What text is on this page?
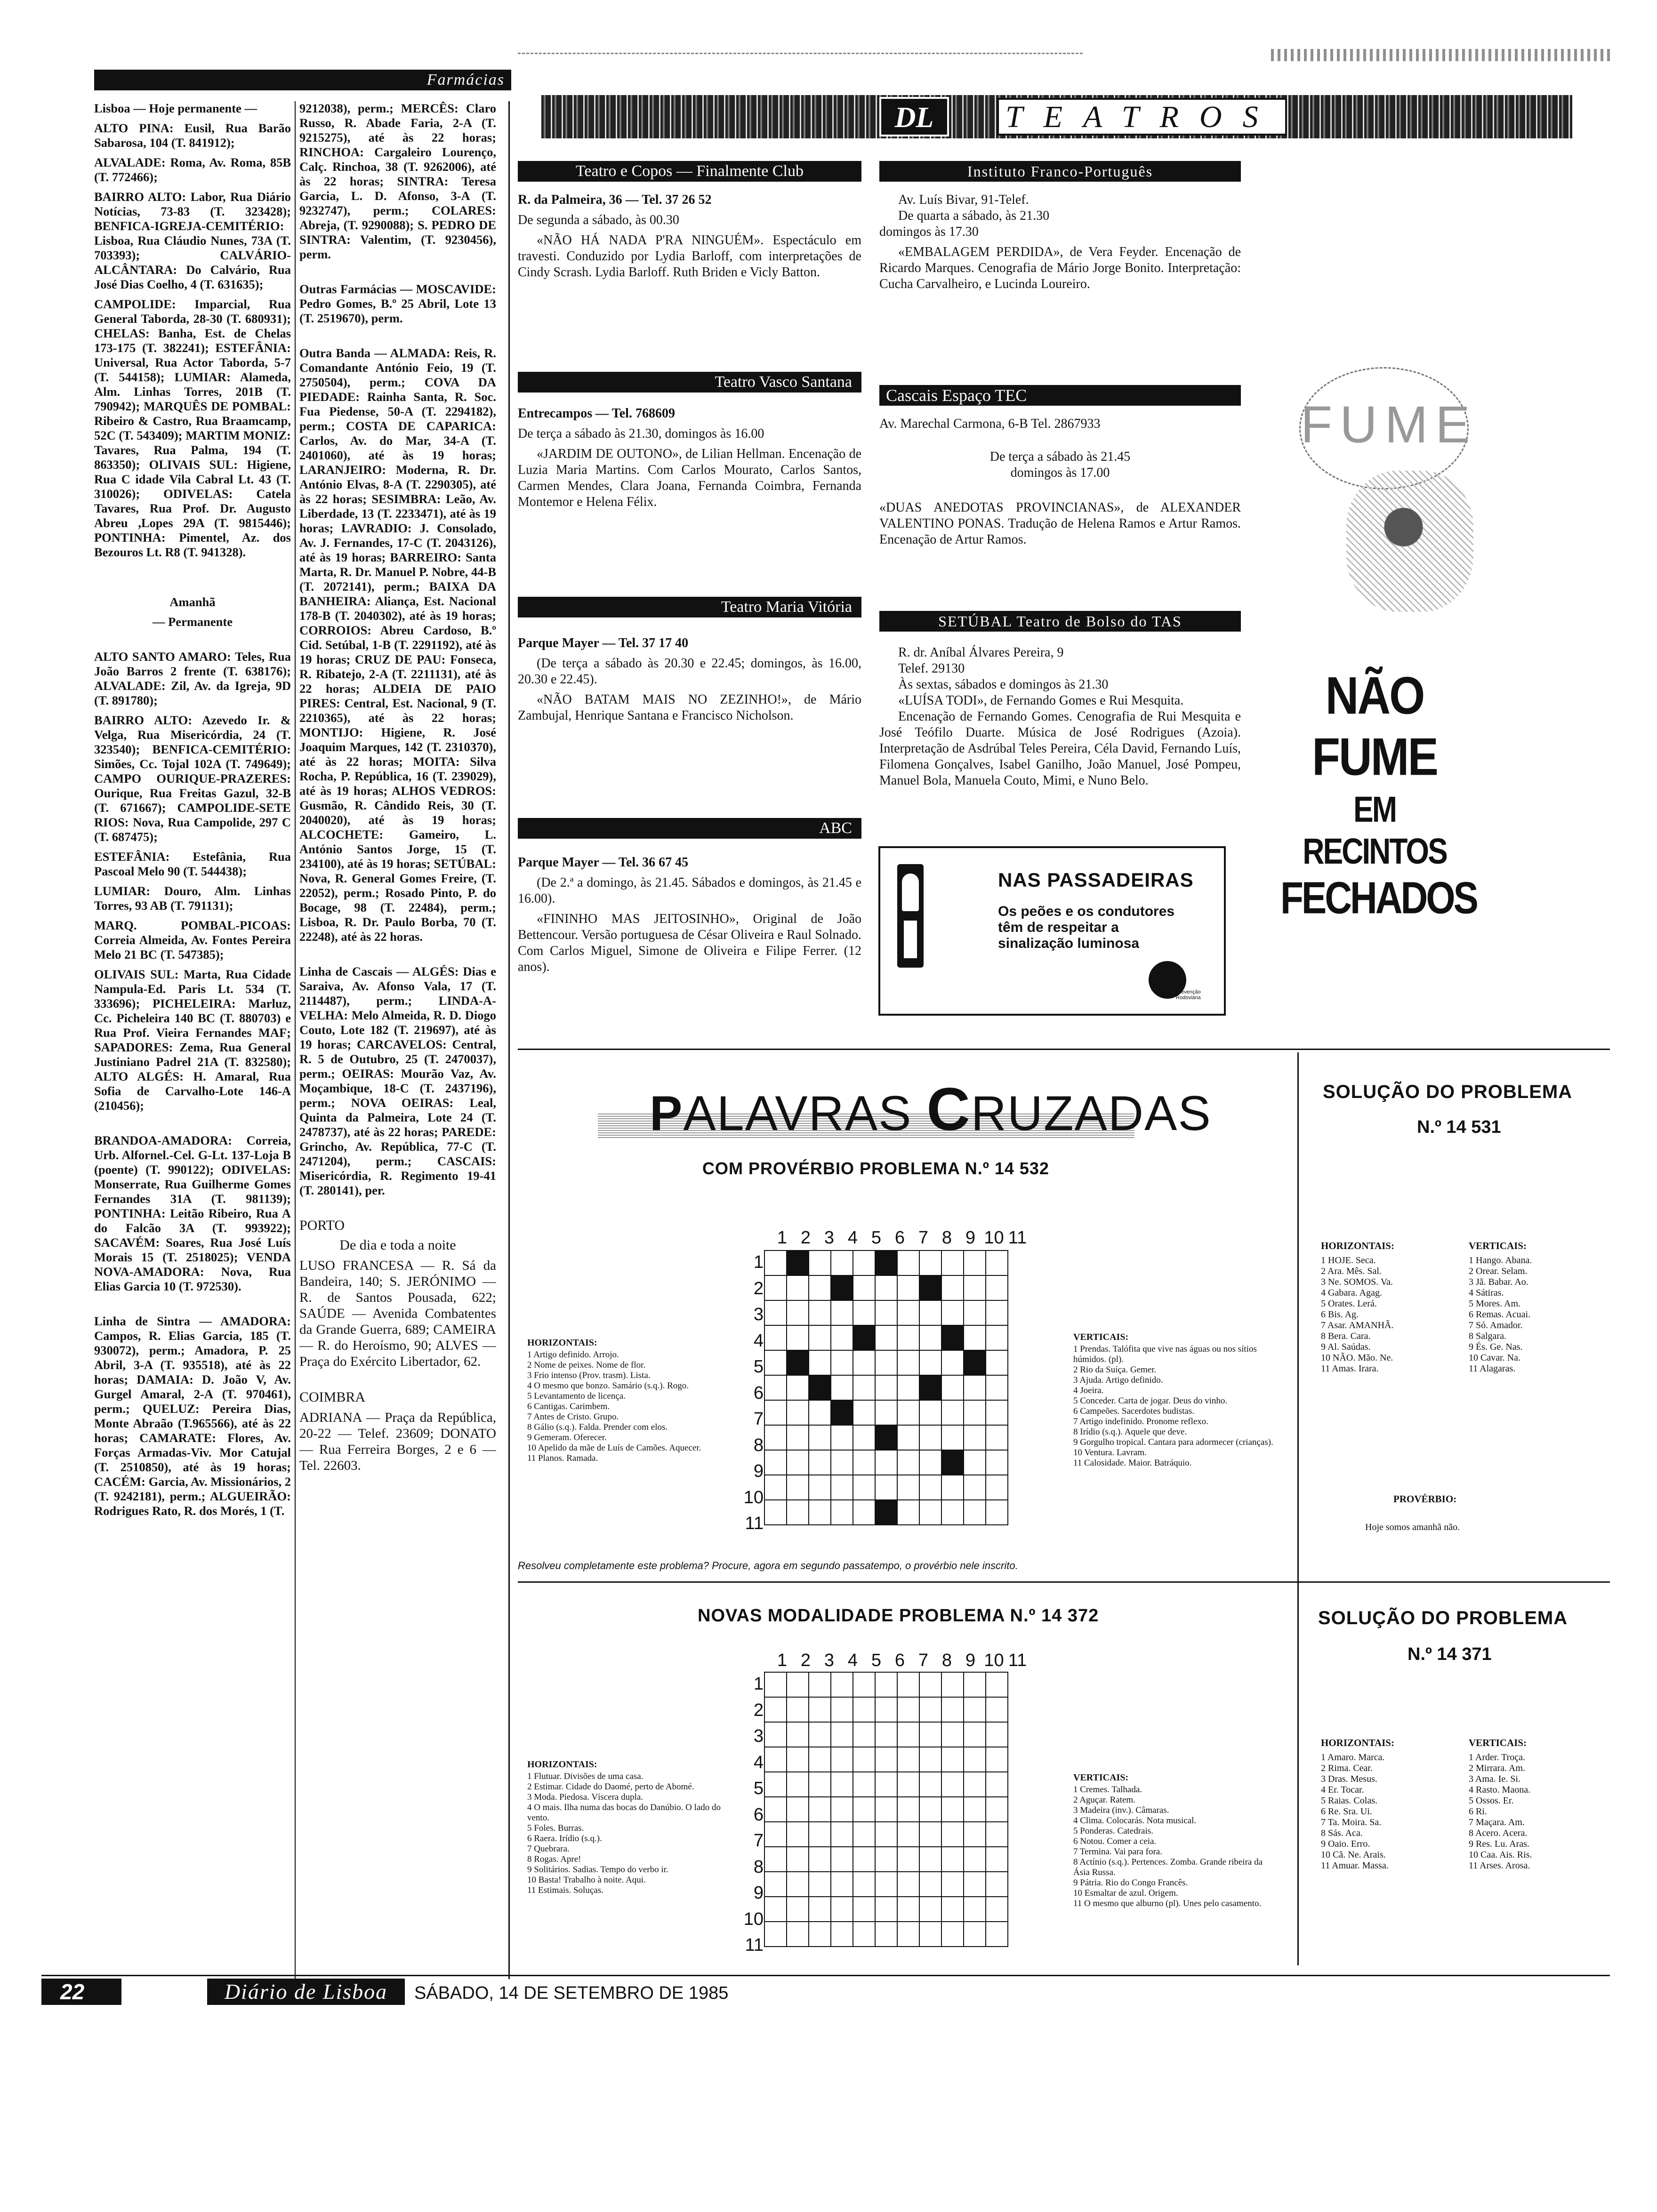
Farmácias
DL	TEATROS

Lisboa — Hoje permanente —

ALTO PINA: Eusil, Rua Barão Sabarosa, 104 (T. 841912);

ALVALADE: Roma, Av. Roma, 85B (T. 772466);

BAIRRO ALTO: Labor, Rua Diário Notícias, 73-83 (T. 323428); BENFICA-IGREJA-CEMITÉRIO: Lisboa, Rua Cláudio Nunes, 73A (T. 703393); CALVÁRIO-ALCÂNTARA: Do Calvário, Rua José Dias Coelho, 4 (T. 631635);

CAMPOLIDE: Imparcial, Rua General Taborda, 28-30 (T. 680931); CHELAS: Banha, Est. de Chelas 173-175 (T. 382241); ESTEFÂNIA: Universal, Rua Actor Taborda, 5-7 (T. 544158); LUMIAR: Alameda, Alm. Linhas Torres, 201B (T. 790942); MARQUÊS DE POMBAL: Ribeiro & Castro, Rua Braamcamp, 52C (T. 543409); MARTIM MONIZ: Tavares, Rua Palma, 194 (T. 863350); OLIVAIS SUL: Higiene, Rua C idade Vila Cabral Lt. 43 (T. 310026); ODIVELAS: Catela Tavares, Rua Prof. Dr. Augusto Abreu ,Lopes 29A (T. 9815446); PONTINHA: Pimentel, Az. dos Bezouros Lt. R8 (T. 941328).

Amanhã

— Permanente

ALTO SANTO AMARO: Teles, Rua João Barros 2 frente (T. 638176); ALVALADE: Zil, Av. da Igreja, 9D (T. 891780);

BAIRRO ALTO: Azevedo Ir. & Velga, Rua Misericórdia, 24 (T. 323540); BENFICA-CEMITÉRIO: Simões, Cc. Tojal 102A (T. 749649); CAMPO OURIQUE-PRAZERES: Ourique, Rua Freitas Gazul, 32-B (T. 671667); CAMPOLIDE-SETE RIOS: Nova, Rua Campolide, 297 C (T. 687475);

ESTEFÂNIA: Estefânia, Rua Pascoal Melo 90 (T. 544438);

LUMIAR: Douro, Alm. Linhas Torres, 93 AB (T. 791131);

MARQ. POMBAL-PICOAS: Correia Almeida, Av. Fontes Pereira Melo 21 BC (T. 547385);

OLIVAIS SUL: Marta, Rua Cidade Nampula-Ed. Paris Lt. 534 (T. 333696); PICHELEIRA: Marluz, Cc. Picheleira 140 BC (T. 880703) e Rua Prof. Vieira Fernandes MAF; SAPADORES: Zema, Rua General Justiniano Padrel 21A (T. 832580); ALTO ALGÉS: H. Amaral, Rua Sofia de Carvalho-Lote 146-A (210456);

BRANDOA-AMADORA: Correia, Urb. Alfornel.-Cel. G-Lt. 137-Loja B (poente) (T. 990122); ODIVELAS: Monserrate, Rua Guilherme Gomes Fernandes 31A (T. 981139); PONTINHA: Leitão Ribeiro, Rua A do Falcão 3A (T. 993922); SACAVÉM: Soares, Rua José Luís Morais 15 (T. 2518025); VENDA NOVA-AMADORA: Nova, Rua Elias Garcia 10 (T. 972530).

Linha de Sintra — AMADORA: Campos, R. Elias Garcia, 185 (T. 930072), perm.; Amadora, P. 25 Abril, 3-A (T. 935518), até às 22 horas; DAMAIA: D. João V, Av. Gurgel Amaral, 2-A (T. 970461), perm.; QUELUZ: Pereira Dias, Monte Abraão (T.965566), até às 22 horas; CAMARATE: Flores, Av. Forças Armadas-Viv. Mor Catujal (T. 2510850), até às 19 horas; CACÉM: Garcia, Av. Missionários, 2 (T. 9242181), perm.; ALGUEIRÃO: Rodrigues Rato, R. dos Morés, 1 (T.

9212038), perm.; MERCÊS: Claro Russo, R. Abade Faria, 2-A (T. 9215275), até às 22 horas; RINCHOA: Cargaleiro Lourenço, Calç. Rinchoa, 38 (T. 9262006), até às 22 horas; SINTRA: Teresa Garcia, L. D. Afonso, 3-A (T. 9232747), perm.; COLARES: Abreja, (T. 9290088); S. PEDRO DE SINTRA: Valentim, (T. 9230456), perm.

Outras Farmácias — MOSCAVIDE: Pedro Gomes, B.º 25 Abril, Lote 13 (T. 2519670), perm.

Outra Banda — ALMADA: Reis, R. Comandante António Feio, 19 (T. 2750504), perm.; COVA DA PIEDADE: Rainha Santa, R. Soc. Fua Piedense, 50-A (T. 2294182), perm.; COSTA DE CAPARICA: Carlos, Av. do Mar, 34-A (T. 2401060), até às 19 horas; LARANJEIRO: Moderna, R. Dr. António Elvas, 8-A (T. 2290305), até às 22 horas; SESIMBRA: Leão, Av. Liberdade, 13 (T. 2233471), até às 19 horas; LAVRADIO: J. Consolado, Av. J. Fernandes, 17-C (T. 2043126), até às 19 horas; BARREIRO: Santa Marta, R. Dr. Manuel P. Nobre, 44-B (T. 2072141), perm.; BAIXA DA BANHEIRA: Aliança, Est. Nacional 178-B (T. 2040302), até às 19 horas; CORROIOS: Abreu Cardoso, B.º Cid. Setúbal, 1-B (T. 2291192), até às 19 horas; CRUZ DE PAU: Fonseca, R. Ribatejo, 2-A (T. 2211131), até às 22 horas; ALDEIA DE PAIO PIRES: Central, Est. Nacional, 9 (T. 2210365), até às 22 horas; MONTIJO: Higiene, R. José Joaquim Marques, 142 (T. 2310370), até às 22 horas; MOITA: Silva Rocha, P. República, 16 (T. 239029), até às 19 horas; ALHOS VEDROS: Gusmão, R. Cândido Reis, 30 (T. 2040020), até às 19 horas; ALCOCHETE: Gameiro, L. António Santos Jorge, 15 (T. 234100), até às 19 horas; SETÚBAL: Nova, R. General Gomes Freire, (T. 22052), perm.; Rosado Pinto, P. do Bocage, 98 (T. 22484), perm.; Lisboa, R. Dr. Paulo Borba, 70 (T. 22248), até às 22 horas.

Linha de Cascais — ALGÉS: Dias e Saraiva, Av. Afonso Vala, 17 (T. 2114487), perm.; LINDA-A-VELHA: Melo Almeida, R. D. Diogo Couto, Lote 182 (T. 219697), até às 19 horas; CARCAVELOS: Central, R. 5 de Outubro, 25 (T. 2470037), perm.; OEIRAS: Mourão Vaz, Av. Moçambique, 18-C (T. 2437196), perm.; NOVA OEIRAS: Leal, Quinta da Palmeira, Lote 24 (T. 2478737), até às 22 horas; PAREDE: Grincho, Av. República, 77-C (T. 2471204), perm.; CASCAIS: Misericórdia, R. Regimento 19-41 (T. 280141), per.

PORTO

De dia e toda a noite

LUSO FRANCESA — R. Sá da Bandeira, 140; S. JERÓNIMO — R. de Santos Pousada, 622; SAÚDE — Avenida Combatentes da Grande Guerra, 689; CAMEIRA — R. do Heroísmo, 90; ALVES — Praça do Exército Libertador, 62.

COIMBRA

ADRIANA — Praça da República, 20-22 — Telef. 23609; DONATO — Rua Ferreira Borges, 2 e 6 — Tel. 22603.

Teatro e Copos — Finalmente Club

R. da Palmeira, 36 — Tel. 37 26 52

De segunda a sábado, às 00.30

«NÃO HÁ NADA P'RA NINGUÉM». Espectáculo em travesti. Conduzido por Lydia Barloff, com interpretações de Cindy Scrash. Lydia Barloff. Ruth Briden e Vicly Batton.

Teatro Vasco Santana

Entrecampos — Tel. 768609

De terça a sábado às 21.30, domingos às 16.00

«JARDIM DE OUTONO», de Lilian Hellman. Encenação de Luzia Maria Martins. Com Carlos Mourato, Carlos Santos, Carmen Mendes, Clara Joana, Fernanda Coimbra, Fernanda Montemor e Helena Félix.

Teatro Maria Vitória

Parque Mayer — Tel. 37 17 40

(De terça a sábado às 20.30 e 22.45; domingos, às 16.00, 20.30 e 22.45).

«NÃO BATAM MAIS NO ZEZINHO!», de Mário Zambujal, Henrique Santana e Francisco Nicholson.

ABC

Parque Mayer — Tel. 36 67 45

(De 2.ª a domingo, às 21.45. Sábados e domingos, às 21.45 e 16.00).

«FININHO MAS JEITOSINHO», Original de João Bettencour. Versão portuguesa de César Oliveira e Raul Solnado. Com Carlos Miguel, Simone de Oliveira e Filipe Ferrer. (12 anos).

Instituto Franco-Português

Av. Luís Bivar, 91-Telef.

De quarta a sábado, às 21.30

domingos às 17.30

«EMBALAGEM PERDIDA», de Vera Feyder. Encenação de Ricardo Marques. Cenografia de Mário Jorge Bonito. Interpretação: Cucha Carvalheiro, e Lucinda Loureiro.

Cascais Espaço TEC

Av. Marechal Carmona, 6-B Tel. 2867933

De terça a sábado às 21.45

domingos às 17.00

«DUAS ANEDOTAS PROVINCIANAS», de ALEXANDER VALENTINO PONAS. Tradução de Helena Ramos e Artur Ramos. Encenação de Artur Ramos.

SETÚBAL Teatro de Bolso do TAS

R. dr. Aníbal Álvares Pereira, 9

Telef. 29130

Às sextas, sábados e domingos às 21.30

«LUÍSA TODI», de Fernando Gomes e Rui Mesquita.

Encenação de Fernando Gomes. Cenografia de Rui Mesquita e José Teófilo Duarte. Música de José Rodrigues (Azoia). Interpretação de Asdrúbal Teles Pereira, Céla David, Fernando Luís, Filomena Gonçalves, Isabel Ganilho, João Manuel, José Pompeu, Manuel Bola, Manuela Couto, Mimi, e Nuno Belo.

NAS PASSADEIRAS
Os peões e os condutores têm de respeitar a sinalização luminosa
Prevenção Rodoviária
FUME
NÃO FUME
EM RECINTOS
FECHADOS
PALAVRAS CRUZADAS
COM PROVÉRBIO PROBLEMA N.º 14 532
1 2 3 4 5 6 7 8 9 10 11
1
2
3
4
5
6
7
8
9
10
11

HORIZONTAIS:
1 Artigo definido. Arrojo.
2 Nome de peixes. Nome de flor.
3 Frio intenso (Prov. trasm). Lista.
4 O mesmo que bonzo. Samário (s.q.). Rogo.
5 Levantamento de licença.
6 Cantigas. Carimbem.
7 Antes de Cristo. Grupo.
8 Gálio (s.q.). Falda. Prender com elos.
9 Gemeram. Oferecer.
10 Apelido da mãe de Luís de Camões. Aquecer.
11 Planos. Ramada.
VERTICAIS:
1 Prendas. Talófita que vive nas águas ou nos sítios húmidos. (pl).
2 Rio da Suíça. Gemer.
3 Ajuda. Artigo definido.
4 Joeira.
5 Conceder. Carta de jogar. Deus do vinho.
6 Campeões. Sacerdotes budistas.
7 Artigo indefinido. Pronome reflexo.
8 Irídio (s.q.). Aquele que deve.
9 Gorgulho tropical. Cantara para adormecer (crianças).
10 Ventura. Lavram.
11 Calosidade. Maior. Batráquio.
Resolveu completamente este problema? Procure, agora em segundo passatempo, o provérbio nele inscrito.
SOLUÇÃO DO PROBLEMA
N.º 14 531
HORIZONTAIS:
1 HOJE. Seca.
2 Ara. Mês. Sal.
3 Ne. SOMOS. Va.
4 Gabara. Agag.
5 Orates. Lerá.
6 Bis. Ag.
7 Asar. AMANHÃ.
8 Bera. Cara.
9 Al. Saúdas.
10 NÃO. Mão. Ne.
11 Amas. Irara.
VERTICAIS:
1 Hango. Abana.
2 Orear. Selam.
3 Jã. Babar. Ao.
4 Sátiras.
5 Mores. Am.
6 Remas. Acuai.
7 Só. Amador.
8 Salgara.
9 És. Ge. Nas.
10 Cavar. Na.
11 Alagaras.
PROVÉRBIO:
Hoje somos amanhã não.
NOVAS MODALIDADE PROBLEMA N.º 14 372
1 2 3 4 5 6 7 8 9 10 11
1
2
3
4
5
6
7
8
9
10
11

HORIZONTAIS:
1 Flutuar. Divisões de uma casa.
2 Estimar. Cidade do Daomé, perto de Abomé.
3 Moda. Piedosa. Víscera dupla.
4 O mais. Ilha numa das bocas do Danúbio. O lado do vento.
5 Foles. Burras.
6 Raera. Irídio (s.q.).
7 Quebrara.
8 Rogas. Apre!
9 Solitários. Sadias. Tempo do verbo ir.
10 Basta! Trabalho à noite. Aqui.
11 Estimais. Soluças.
VERTICAIS:
1 Cremes. Talhada.
2 Aguçar. Ratem.
3 Madeira (inv.). Câmaras.
4 Clima. Colocarás. Nota musical.
5 Ponderas. Catedrais.
6 Notou. Comer a ceia.
7 Termina. Vai para fora.
8 Actínio (s.q.). Pertences. Zomba. Grande ribeira da Ásia Russa.
9 Pátria. Rio do Congo Francês.
10 Esmaltar de azul. Origem.
11 O mesmo que alburno (pl). Unes pelo casamento.
SOLUÇÃO DO PROBLEMA
N.º 14 371
HORIZONTAIS:
1 Amaro. Marca.
2 Rima. Cear.
3 Dras. Mesus.
4 Er. Tocar.
5 Raias. Colas.
6 Re. Sra. Ui.
7 Ta. Moira. Sa.
8 Sás. Aca.
9 Oaio. Erro.
10 Cã. Ne. Arais.
11 Amuar. Massa.
VERTICAIS:
1 Arder. Troça.
2 Mirrara. Am.
3 Ama. Ie. Si.
4 Rasto. Maona.
5 Ossos. Er.
6 Ri.
7 Maçara. Am.
8 Acero. Acera.
9 Res. Lu. Aras.
10 Caa. Ais. Ris.
11 Arses. Arosa.
22	Diário de Lisboa	SÁBADO, 14 DE SETEMBRO DE 1985
